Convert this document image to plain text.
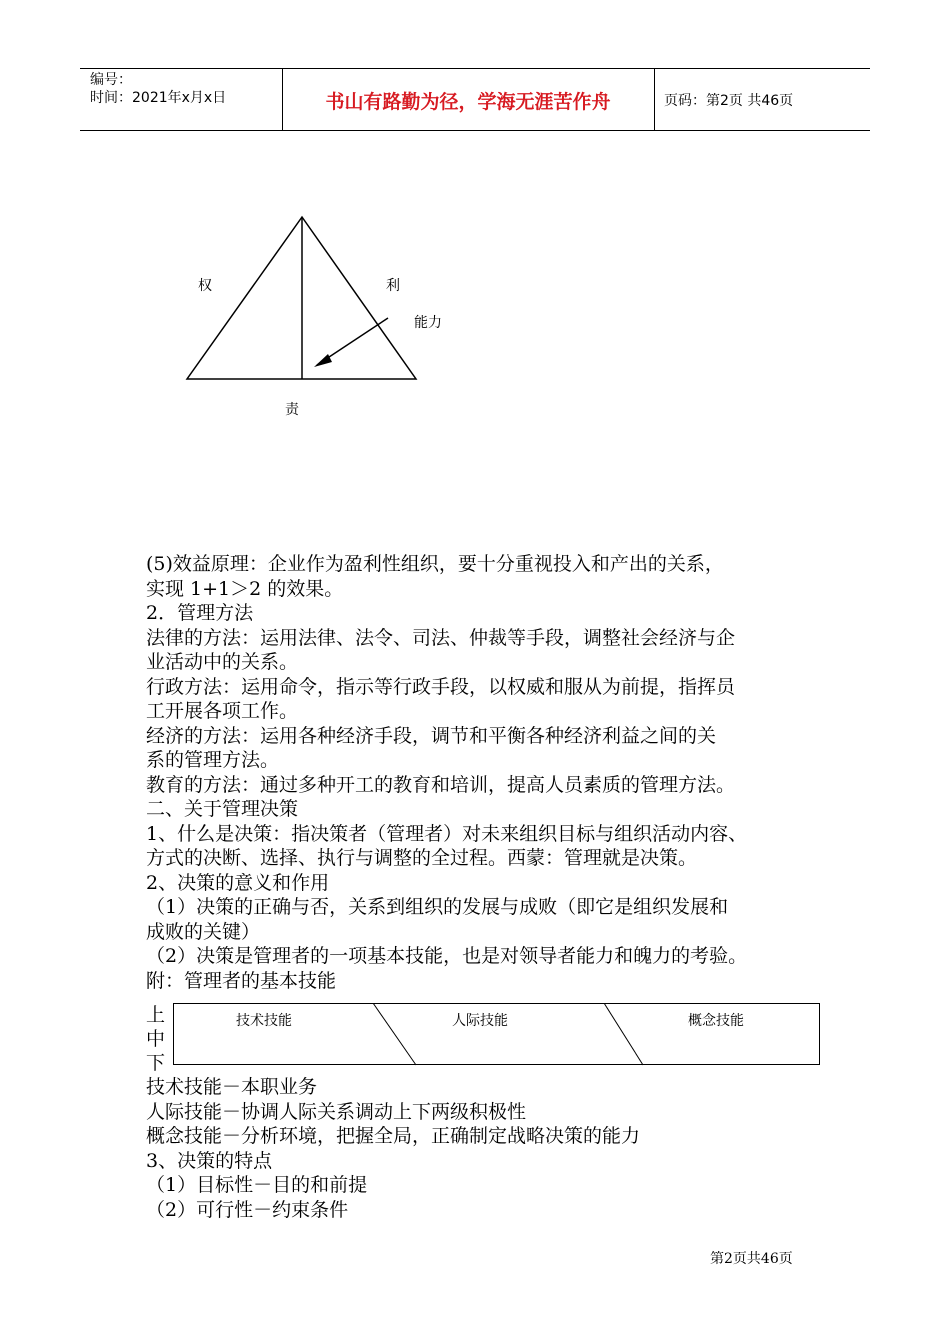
编号：
时间：2021年x月x日	书山有路勤为径，学海无涯苦作舟	页码：第2页 共46页
权	利
能力
责

(5)效益原理：企业作为盈利性组织，要十分重视投入和产出的关系，

实现 1+1＞2 的效果。

2．管理方法

法律的方法：运用法律、法令、司法、仲裁等手段，调整社会经济与企

业活动中的关系。

行政方法：运用命令，指示等行政手段，以权威和服从为前提，指挥员

工开展各项工作。

经济的方法：运用各种经济手段，调节和平衡各种经济利益之间的关

系的管理方法。

教育的方法：通过多种开工的教育和培训，提高人员素质的管理方法。

二、关于管理决策

1、什么是决策：指决策者（管理者）对未来组织目标与组织活动内容、

方式的决断、选择、执行与调整的全过程。西蒙：管理就是决策。

2、决策的意义和作用

（1）决策的正确与否，关系到组织的发展与成败（即它是组织发展和

成败的关键）

（2）决策是管理者的一项基本技能，也是对领导者能力和魄力的考验。

附：管理者的基本技能

上
中
下
技术技能	人际技能	概念技能

技术技能－本职业务

人际技能－协调人际关系调动上下两级积极性

概念技能－分析环境，把握全局，正确制定战略决策的能力

3、决策的特点

（1）目标性－目的和前提

（2）可行性－约束条件

第2页共46页
